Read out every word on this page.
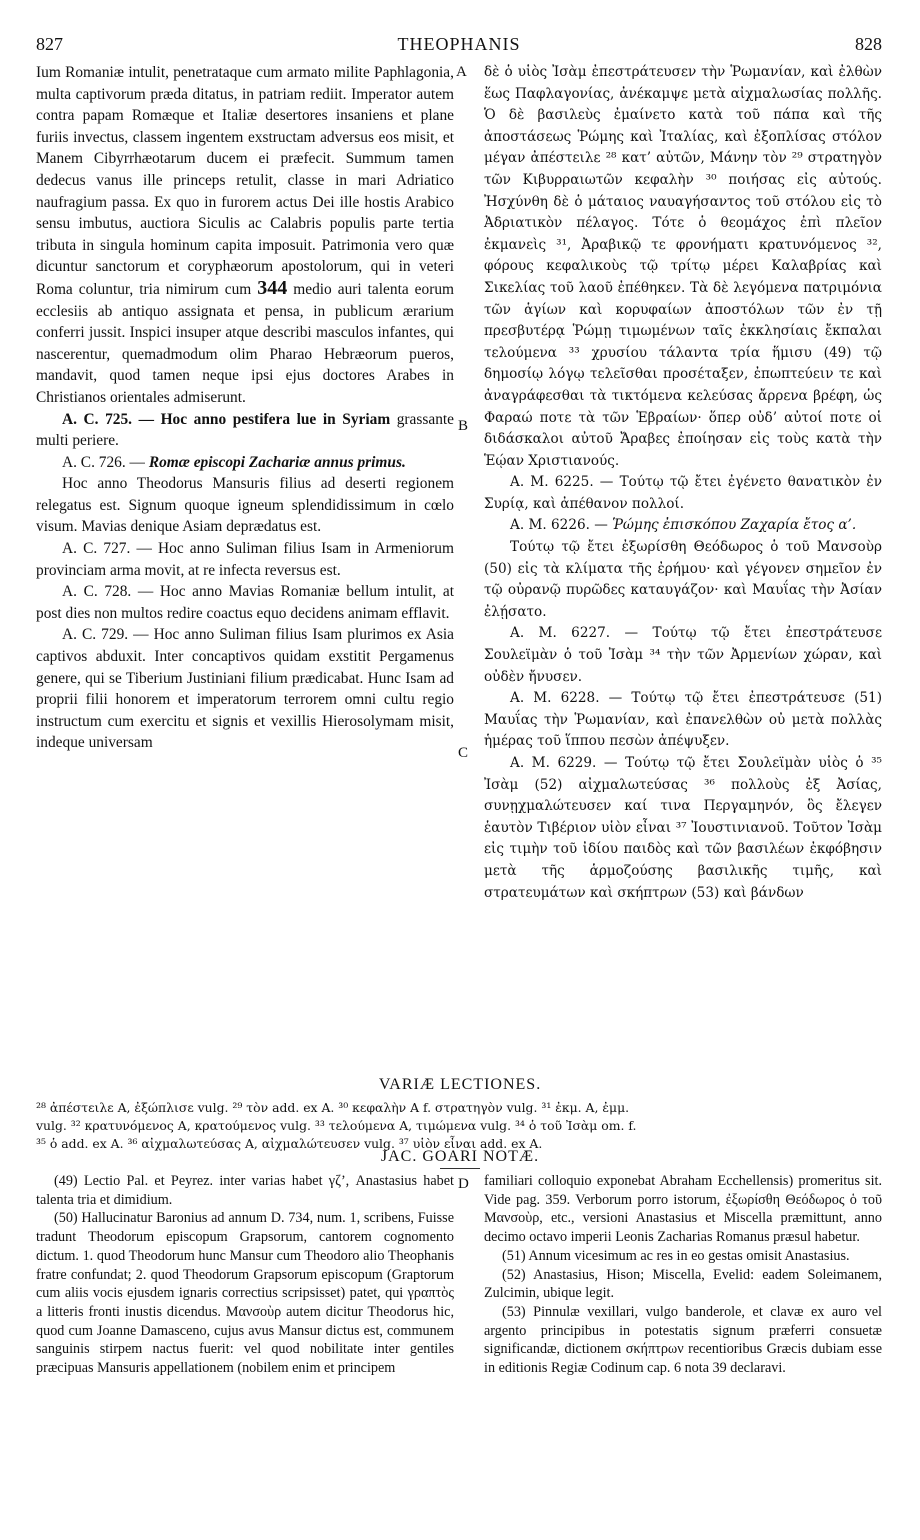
827	THEOPHANIS	828
A
B
C
D

Ium Romaniæ intulit, penetrataque cum armato milite Paphlagonia, multa captivorum præda ditatus, in patriam rediit. Imperator autem contra papam Romæque et Italiæ desertores insaniens et plane furiis invectus, classem ingentem exstructam adversus eos misit, et Manem Cibyrrhæotarum ducem ei præfecit. Summum tamen dedecus vanus ille princeps retulit, classe in mari Adriatico naufragium passa. Ex quo in furorem actus Dei ille hostis Arabico sensu imbutus, auctiora Siculis ac Calabris populis parte tertia tributa in singula hominum capita imposuit. Patrimonia vero quæ dicuntur sanctorum et coryphæorum apostolorum, qui in veteri Roma coluntur, tria nimirum cum 344 medio auri talenta eorum ecclesiis ab antiquo assignata et pensa, in publicum ærarium conferri jussit. Inspici insuper atque describi masculos infantes, qui nascerentur, quemadmodum olim Pharao Hebræorum pueros, mandavit, quod tamen neque ipsi ejus doctores Arabes in Christianos orientales admiserunt.

A. C. 725. — Hoc anno pestifera lue in Syriam grassante multi periere.

A. C. 726. — Romæ episcopi Zachariæ annus primus.

Hoc anno Theodorus Mansuris filius ad deserti regionem relegatus est. Signum quoque igneum splendidissimum in cœlo visum. Mavias denique Asiam deprædatus est.

A. C. 727. — Hoc anno Suliman filius Isam in Armeniorum provinciam arma movit, at re infecta reversus est.

A. C. 728. — Hoc anno Mavias Romaniæ bellum intulit, at post dies non multos redire coactus equo decidens animam efflavit.

A. C. 729. — Hoc anno Suliman filius Isam plurimos ex Asia captivos abduxit. Inter concaptivos quidam exstitit Pergamenus genere, qui se Tiberium Justiniani filium prædicabat. Hunc Isam ad proprii filii honorem et imperatorum terrorem omni cultu regio instructum cum exercitu et signis et vexillis Hierosolymam misit, indeque universam

δὲ ὁ υἱὸς Ἰσὰμ ἐπεστράτευσεν τὴν Ῥωμανίαν, καὶ ἐλθὼν ἕως Παφλαγονίας, ἀνέκαμψε μετὰ αἰχμαλωσίας πολλῆς. Ὁ δὲ βασιλεὺς ἐμαίνετο κατὰ τοῦ πάπα καὶ τῆς ἀποστάσεως Ῥώμης καὶ Ἰταλίας, καὶ ἐξοπλίσας στόλον μέγαν ἀπέστειλε ²⁸ κατ’ αὐτῶν, Μάνην τὸν ²⁹ στρατηγὸν τῶν Κιβυρραιωτῶν κεφαλὴν ³⁰ ποιήσας εἰς αὐτούς. Ἠσχύνθη δὲ ὁ μάταιος ναυαγήσαντος τοῦ στόλου εἰς τὸ Ἀδριατικὸν πέλαγος. Τότε ὁ θεομάχος ἐπὶ πλεῖον ἐκμανεὶς ³¹, Ἀραβικῷ τε φρονήματι κρατυνόμενος ³², φόρους κεφαλικοὺς τῷ τρίτῳ μέρει Καλαβρίας καὶ Σικελίας τοῦ λαοῦ ἐπέθηκεν. Τὰ δὲ λεγόμενα πατριμόνια τῶν ἁγίων καὶ κορυφαίων ἀποστόλων τῶν ἐν τῇ πρεσβυτέρᾳ Ῥώμῃ τιμωμένων ταῖς ἐκκλησίαις ἔκπαλαι τελούμενα ³³ χρυσίου τάλαντα τρία ἥμισυ (49) τῷ δημοσίῳ λόγῳ τελεῖσθαι προσέταξεν, ἐπωπτεύειν τε καὶ ἀναγράφεσθαι τὰ τικτόμενα κελεύσας ἄρρενα βρέφη, ὡς Φαραώ ποτε τὰ τῶν Ἑβραίων· ὅπερ οὐδ’ αὐτοί ποτε οἱ διδάσκαλοι αὐτοῦ Ἄραβες ἐποίησαν εἰς τοὺς κατὰ τὴν Ἑῴαν Χριστιανούς.

A. M. 6225. — Τούτῳ τῷ ἔτει ἐγένετο θανατικὸν ἐν Συρίᾳ, καὶ ἀπέθανον πολλοί.

A. M. 6226. — Ῥώμης ἐπισκόπου Ζαχαρία ἔτος α’.

Τούτῳ τῷ ἔτει ἐξωρίσθη Θεόδωρος ὁ τοῦ Μανσοὺρ (50) εἰς τὰ κλίματα τῆς ἐρήμου· καὶ γέγονεν σημεῖον ἐν τῷ οὐρανῷ πυρῶδες καταυγάζον· καὶ Μαυΐας τὴν Ἀσίαν ἐλῄσατο.

A. M. 6227. — Τούτῳ τῷ ἔτει ἐπεστράτευσε Σουλεϊμὰν ὁ τοῦ Ἰσὰμ ³⁴ τὴν τῶν Ἀρμενίων χώραν, καὶ οὐδὲν ἤνυσεν.

A. M. 6228. — Τούτῳ τῷ ἔτει ἐπεστράτευσε (51) Μαυΐας τὴν Ῥωμανίαν, καὶ ἐπανελθὼν οὐ μετὰ πολλὰς ἡμέρας τοῦ ἵππου πεσὼν ἀπέψυξεν.

A. M. 6229. — Τούτῳ τῷ ἔτει Σουλεϊμὰν υἱὸς ὁ ³⁵ Ἰσὰμ (52) αἰχμαλωτεύσας ³⁶ πολλοὺς ἐξ Ἀσίας, συνῃχμαλώτευσεν καί τινα Περγαμηνόν, ὃς ἔλεγεν ἑαυτὸν Τιβέριον υἱὸν εἶναι ³⁷ Ἰουστινιανοῦ. Τοῦτον Ἰσὰμ εἰς τιμὴν τοῦ ἰδίου παιδὸς καὶ τῶν βασιλέων ἐκφόβησιν μετὰ τῆς ἁρμοζούσης βασιλικῆς τιμῆς, καὶ στρατευμάτων καὶ σκήπτρων (53) καὶ βάνδων

VARIÆ LECTIONES.

²⁸ ἀπέστειλε A, ἐξώπλισε vulg. ²⁹ τὸν add. ex A. ³⁰ κεφαλὴν A f. στρατηγὸν vulg. ³¹ ἐκμ. A, ἐμμ.

vulg. ³² κρατυνόμενος A, κρατούμενος vulg. ³³ τελούμενα A, τιμώμενα vulg. ³⁴ ὁ τοῦ Ἰσὰμ om. f.

³⁵ ὁ add. ex A. ³⁶ αἰχμαλωτεύσας A, αἰχμαλώτευσεν vulg. ³⁷ υἱὸν εἶναι add. ex A.

JAC. GOARI NOTÆ.

(49) Lectio Pal. et Peyrez. inter varias habet γζ’, Anastasius habet talenta tria et dimidium.

(50) Hallucinatur Baronius ad annum D. 734, num. 1, scribens, Fuisse tradunt Theodorum episcopum Grapsorum, cantorem cognomento dictum. 1. quod Theodorum hunc Mansur cum Theodoro alio Theophanis fratre confundat; 2. quod Theodorum Grapsorum episcopum (Graptorum cum aliis vocis ejusdem ignaris correctius scripsisset) patet, qui γραπτὸς a litteris fronti inustis dicendus. Μανσοὺρ autem dicitur Theodorus hic, quod cum Joanne Damasceno, cujus avus Mansur dictus est, communem sanguinis stirpem nactus fuerit: vel quod nobilitate inter gentiles præcipuas Mansuris appellationem (nobilem enim et principem

familiari colloquio exponebat Abraham Ecchellensis) promeritus sit. Vide pag. 359. Verborum porro istorum, ἐξωρίσθη Θεόδωρος ὁ τοῦ Μανσοὺρ, etc., versioni Anastasius et Miscella præmittunt, anno decimo octavo imperii Leonis Zacharias Romanus præsul habetur.

(51) Annum vicesimum ac res in eo gestas omisit Anastasius.

(52) Anastasius, Hison; Miscella, Evelid: eadem Soleimanem, Zulcimin, ubique legit.

(53) Pinnulæ vexillari, vulgo banderole, et clavæ ex auro vel argento principibus in potestatis signum præferri consuetæ significandæ, dictionem σκήπτρων recentioribus Græcis dubiam esse in editionis Regiæ Codinum cap. 6 nota 39 declaravi.
